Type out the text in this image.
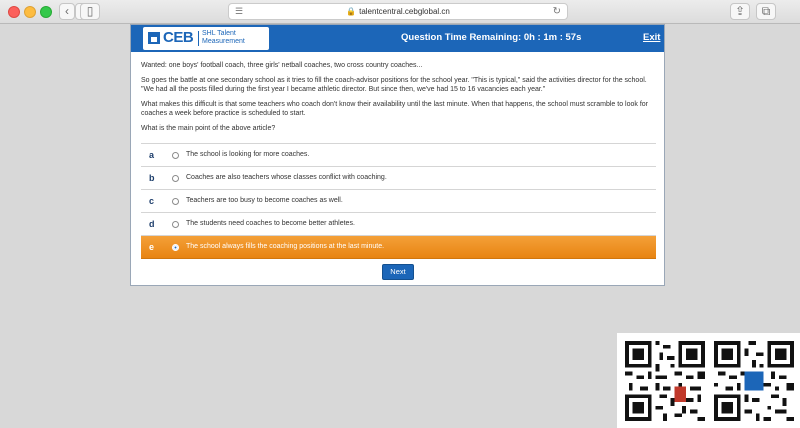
‹	▯	☰	🔒 talentcentral.cebglobal.cn	↻	⇪	⧉
CEB SHL Talent
Measurement	Question Time Remaining: 0h : 1m : 57s	Exit

Wanted: one boys' football coach, three girls' netball coaches, two cross country coaches...

So goes the battle at one secondary school as it tries to fill the coach-advisor positions for the school year. "This is typical," said the activities director for the school. "We had all the posts filled during the first year I became athletic director. But since then, we've had 15 to 16 vacancies each year."

What makes this difficult is that some teachers who coach don't know their availability until the last minute. When that happens, the school must scramble to look for coaches a week before practice is scheduled to start.

What is the main point of the above article?

a	The school is looking for more coaches.
b	Coaches are also teachers whose classes conflict with coaching.
c	Teachers are too busy to become coaches as well.
d	The students need coaches to become better athletes.
e	The school always fills the coaching positions at the last minute.
Next
